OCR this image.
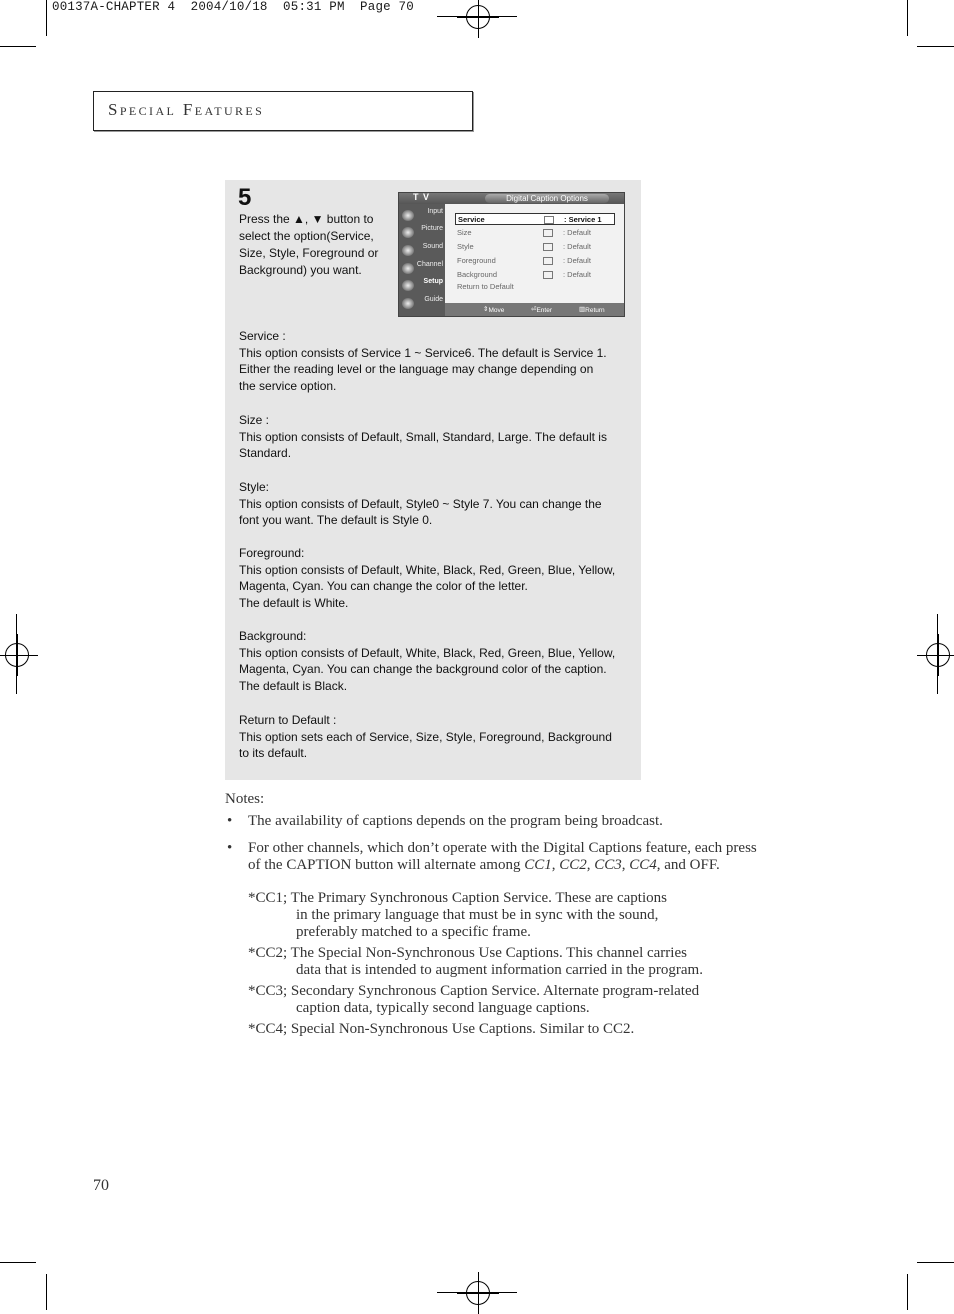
00137A-CHAPTER 4  2004/10/18  05:31 PM  Page 70
Special Features
5
Press the ▲, ▼ button to select the option(Service, Size, Style, Foreground or Background) you want.
T V	Digital Caption Options
Input
Picture
Sound
Channel
Setup
Guide
Service	: Service 1
Size	: Default
Style	: Default
Foreground	: Default
Background	: Default
Return to Default
⇕ Move	⏎ Enter	▥ Return
Service :
This option consists of Service 1 ~ Service6. The default is Service 1.
Either the reading level or the language may change depending on
the service option.
Size :
This option consists of Default, Small, Standard, Large. The default is
Standard.
Style:
This option consists of Default, Style0 ~ Style 7. You can change the
font you want. The default is Style 0.
Foreground:
This option consists of Default, White, Black, Red, Green, Blue, Yellow,
Magenta, Cyan. You can change the color of the letter.
The default is White.
Background:
This option consists of Default, White, Black, Red, Green, Blue, Yellow,
Magenta, Cyan. You can change the background color of the caption.
The default is Black.
Return to Default :
This option sets each of Service, Size, Style, Foreground, Background
to its default.
Notes:
• The availability of captions depends on the program being broadcast.
• For other channels, which don’t operate with the Digital Captions feature, each press of the CAPTION button will alternate among CC1, CC2, CC3, CC4, and OFF.
*CC1; The Primary Synchronous Caption Service. These are captions
in the primary language that must be in sync with the sound,
preferably matched to a specific frame.
*CC2; The Special Non-Synchronous Use Captions. This channel carries
data that is intended to augment information carried in the program.
*CC3; Secondary Synchronous Caption Service. Alternate program-related
caption data, typically second language captions.
*CC4; Special Non-Synchronous Use Captions. Similar to CC2.
70
